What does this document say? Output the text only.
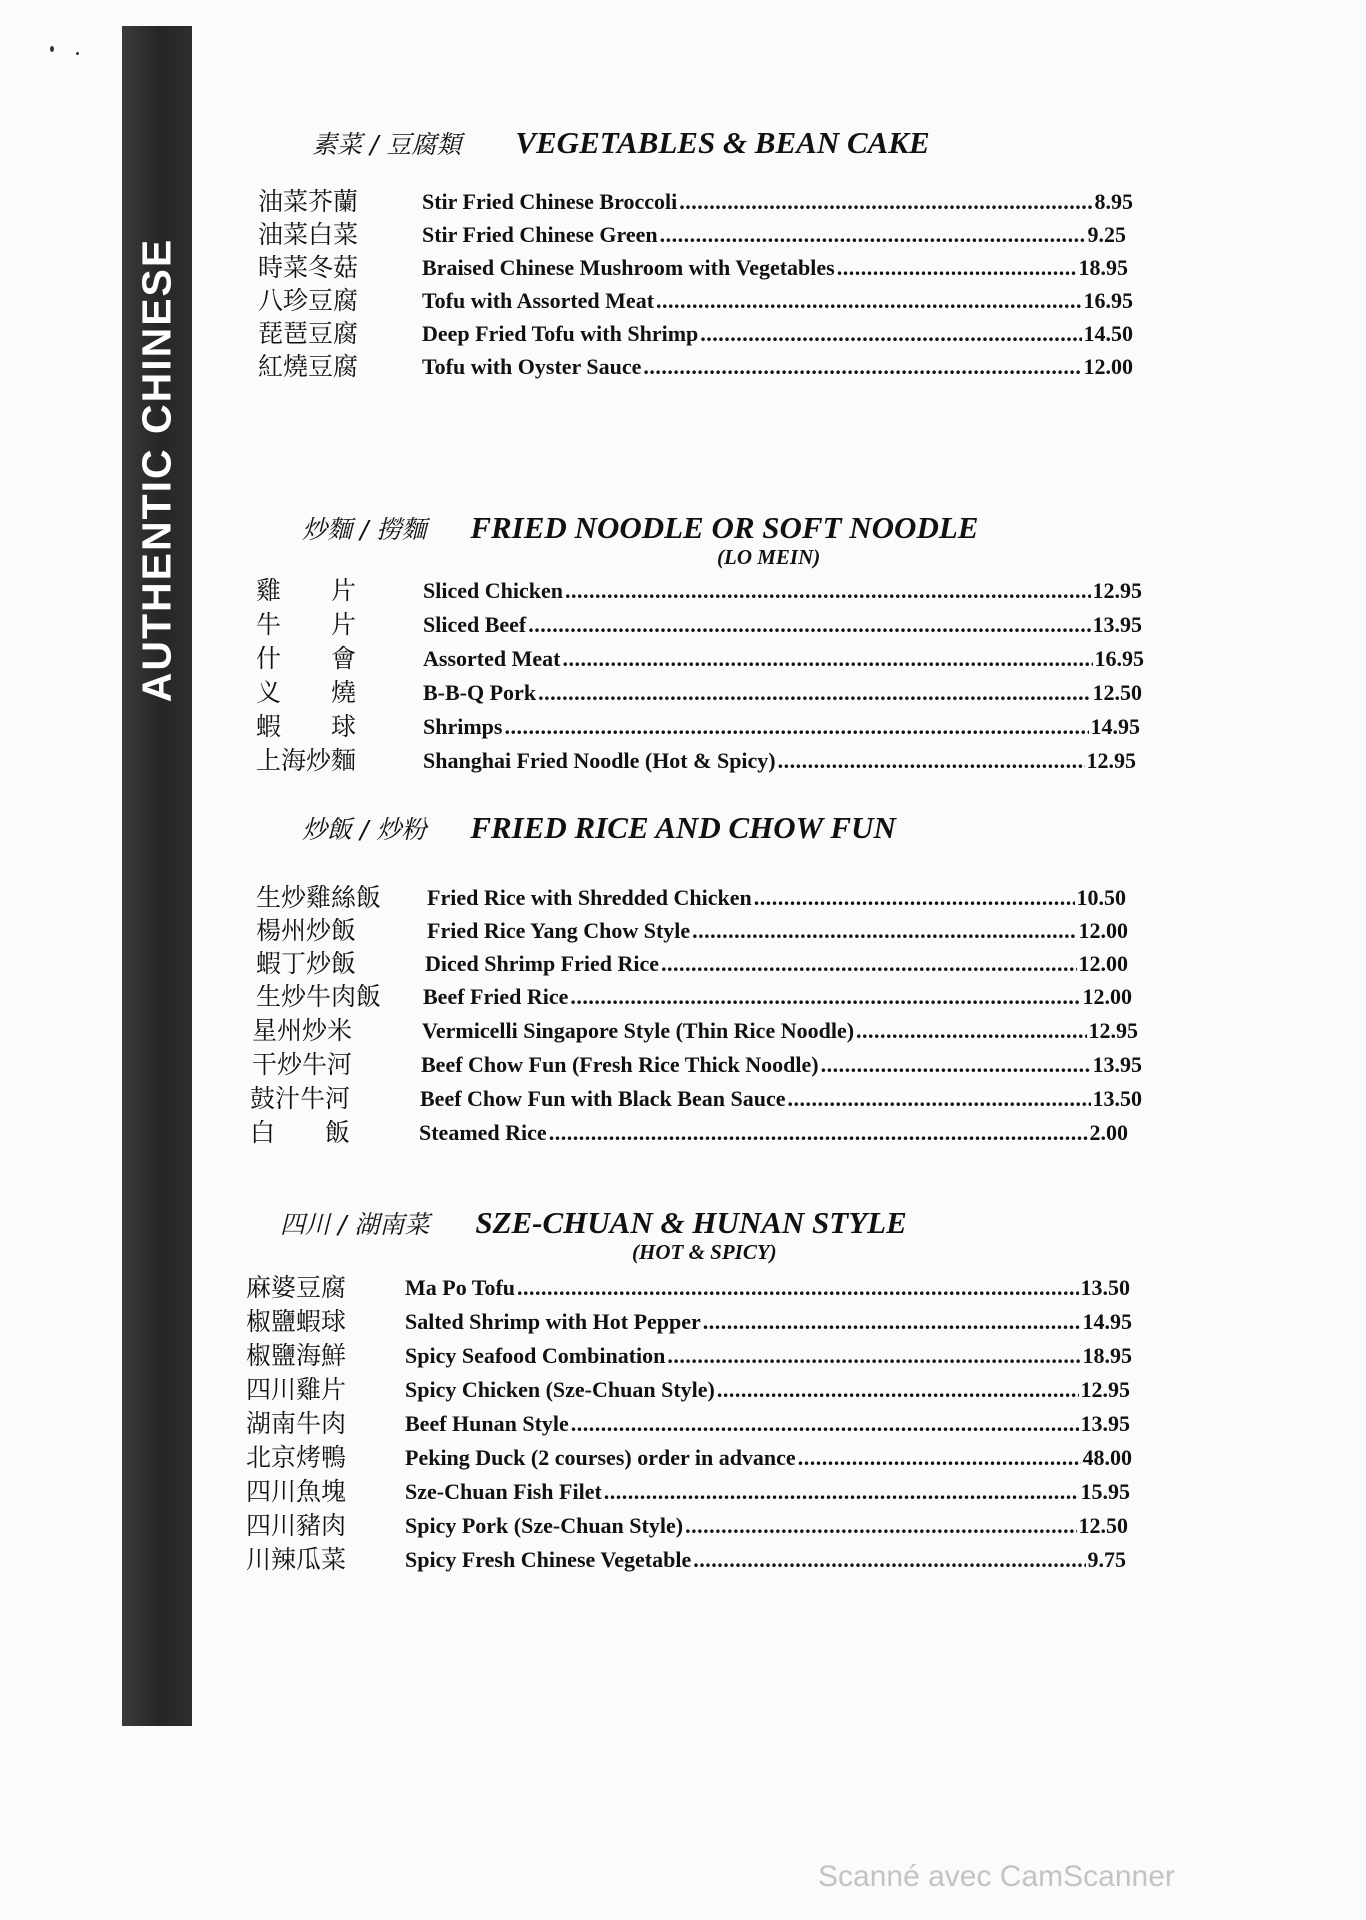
AUTHENTIC CHINESE
素菜 / 豆腐類 VEGETABLES & BEAN CAKE
油菜芥蘭	Stir Fried Chinese Broccoli .....	8.95
油菜白菜	Stir Fried Chinese Green .....	9.25
時菜冬菇	Braised Chinese Mushroom with Vegetables .....	18.95
八珍豆腐	Tofu with Assorted Meat .....	16.95
琵琶豆腐	Deep Fried Tofu with Shrimp .....	14.50
紅燒豆腐	Tofu with Oyster Sauce .....	12.00
炒麵 / 撈麵 FRIED NOODLE OR SOFT NOODLE
(LO MEIN)
雞　　片	Sliced Chicken .....	12.95
牛　　片	Sliced Beef .....	13.95
什　　會	Assorted Meat .....	16.95
义　　燒	B-B-Q Pork .....	12.50
蝦　　球	Shrimps .....	14.95
上海炒麵	Shanghai Fried Noodle (Hot & Spicy) .....	12.95
炒飯 / 炒粉 FRIED RICE AND CHOW FUN
生炒雞絲飯 Fried Rice with Shredded Chicken .....	10.50
楊州炒飯	Fried Rice Yang Chow Style .....	12.00
蝦丁炒飯	Diced Shrimp Fried Rice .....	12.00
生炒牛肉飯 Beef Fried Rice .....	12.00
星州炒米	Vermicelli Singapore Style (Thin Rice Noodle) .....	12.95
干炒牛河	Beef Chow Fun (Fresh Rice Thick Noodle) .....	13.95
鼓汁牛河	Beef Chow Fun with Black Bean Sauce .....	13.50
白　　飯	Steamed Rice .....	2.00
四川 / 湖南菜 SZE-CHUAN & HUNAN STYLE
(HOT & SPICY)
麻婆豆腐	Ma Po Tofu .....	13.50
椒鹽蝦球	Salted Shrimp with Hot Pepper .....	14.95
椒鹽海鮮	Spicy Seafood Combination .....	18.95
四川雞片	Spicy Chicken (Sze-Chuan Style) .....	12.95
湖南牛肉	Beef Hunan Style .....	13.95
北京烤鴨	Peking Duck (2 courses) order in advance .....	48.00
四川魚塊	Sze-Chuan Fish Filet .....	15.95
四川豬肉	Spicy Pork (Sze-Chuan Style) .....	12.50
川辣瓜菜	Spicy Fresh Chinese Vegetable .....	9.75
Scanné avec CamScanner
